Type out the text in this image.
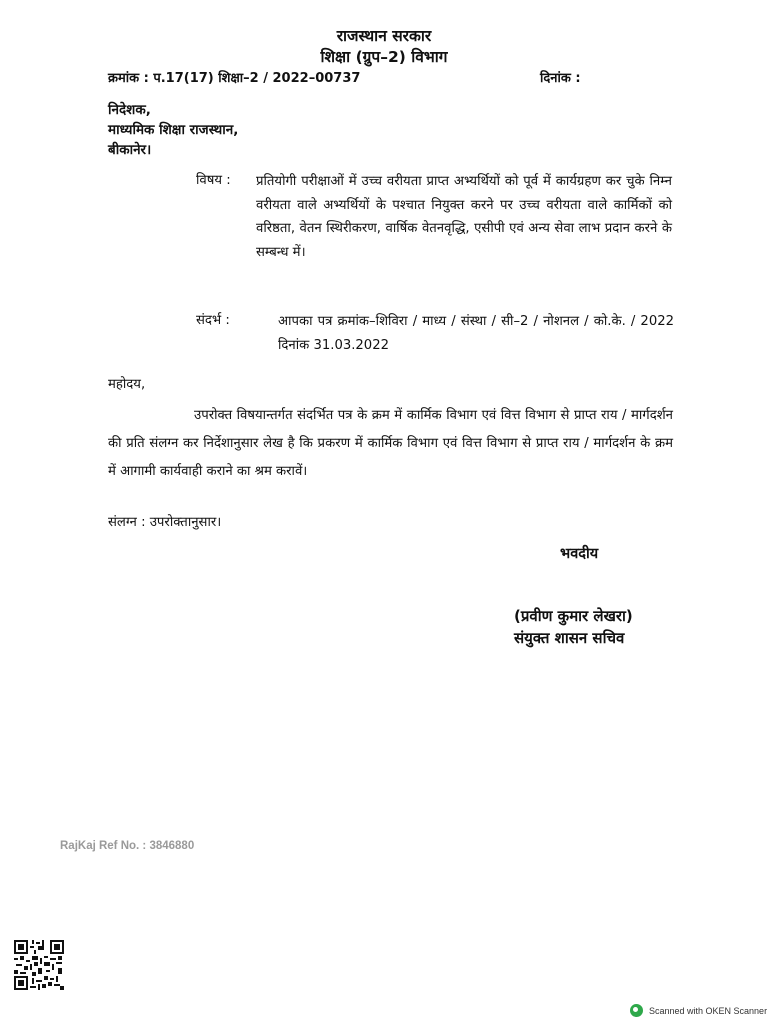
राजस्थान सरकार
शिक्षा (ग्रुप–2) विभाग
क्रमांक : प.17(17) शिक्षा–2 / 2022–00737	दिनांक :
निदेशक,
माध्यमिक शिक्षा राजस्थान,
बीकानेर।
विषय : प्रतियोगी परीक्षाओं में उच्च वरीयता प्राप्त अभ्यर्थियों को पूर्व में कार्यग्रहण कर चुके निम्न वरीयता वाले अभ्यर्थियों के पश्चात नियुक्त करने पर उच्च वरीयता वाले कार्मिकों को वरिष्ठता, वेतन स्थिरीकरण, वार्षिक वेतनवृद्धि, एसीपी एवं अन्य सेवा लाभ प्रदान करने के सम्बन्ध में।
संदर्भ :	आपका पत्र क्रमांक–शिविरा / माध्य / संस्था / सी–2 / नोशनल / को.के. / 2022 दिनांक 31.03.2022
महोदय,
उपरोक्त विषयान्तर्गत संदर्भित पत्र के क्रम में कार्मिक विभाग एवं वित्त विभाग से प्राप्त राय / मार्गदर्शन की प्रति संलग्न कर निर्देशानुसार लेख है कि प्रकरण में कार्मिक विभाग एवं वित्त विभाग से प्राप्त राय / मार्गदर्शन के क्रम में आगामी कार्यवाही कराने का श्रम करावें।
संलग्न : उपरोक्तानुसार।
भवदीय
(प्रवीण कुमार लेखरा)
संयुक्त शासन सचिव
RajKaj Ref No. : 3846880
Scanned with OKEN Scanner
